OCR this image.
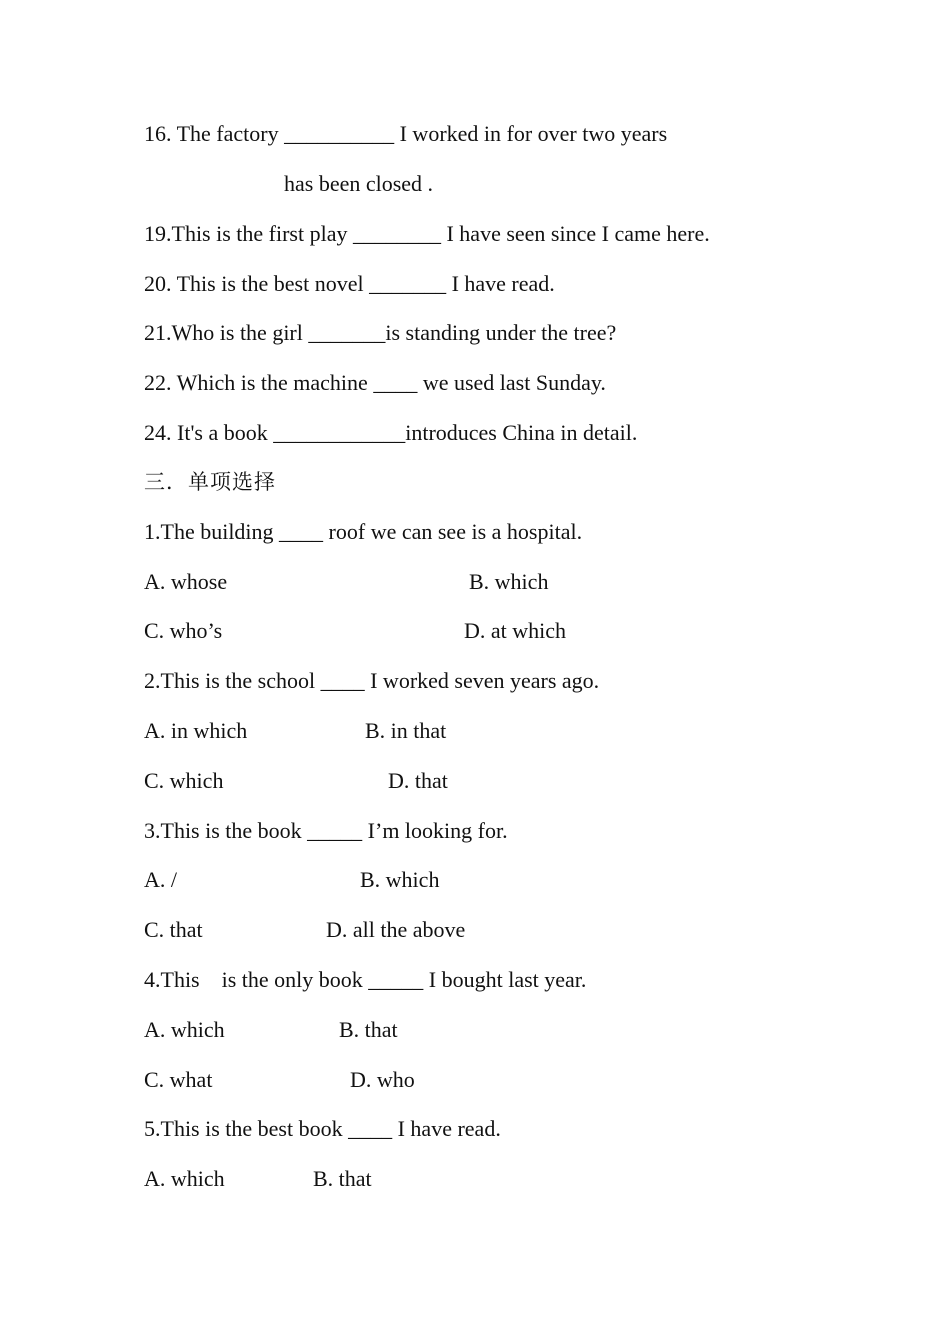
16. The factory __________ I worked in for over two years
has been closed .
19.This is the first play ________ I have seen since I came here.
20. This is the best novel _______ I have read.
21.Who is the girl _______is standing under the tree?
22. Which is the machine ____ we used last Sunday.
24. It's a book ____________introduces China in detail.
三．单项选择
1.The building ____ roof we can see is a hospital.
A. whose	B. which
C. who’s	D. at which
2.This is the school ____ I worked seven years ago.
A. in which	B. in that
C. which	D. that
3.This is the book _____ I’m looking for.
A. /	B. which
C. that	D. all the above
4.This    is the only book _____ I bought last year.
A. which	B. that
C. what	D. who
5.This is the best book ____ I have read.
A. which	B. that
